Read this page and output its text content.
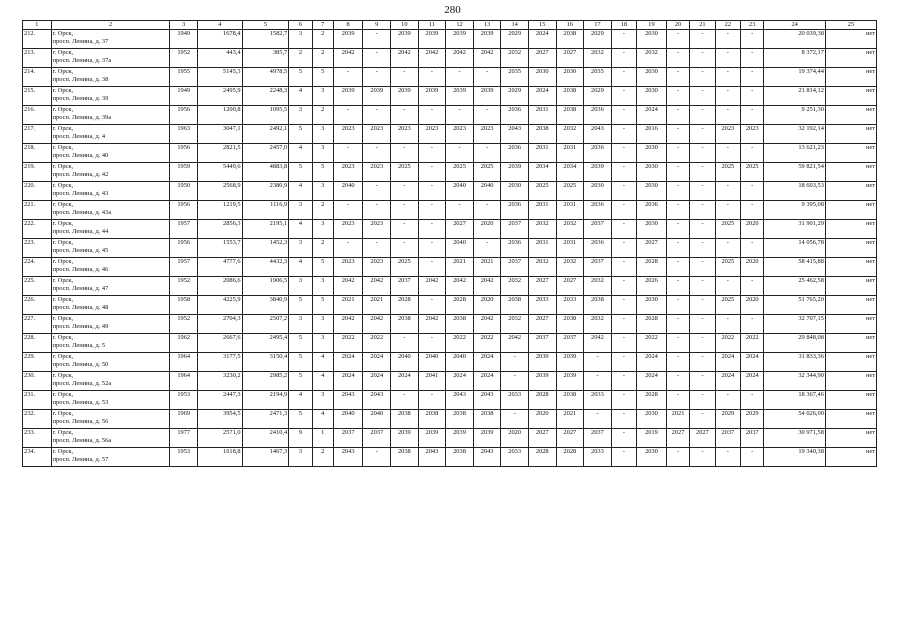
280
1	2	3	4	5	6	7	8	9	10	11	12	13	14	15	16	17	18	19	20	21	22	23	24	25
212.	г. Орск,
просп. Ленина, д. 37	1949	1678,4	1582,7	3	2	2039	-	2039	2039	2039	2039	2029	2024	2038	2029	-	2030	-	-	-	-	20 039,38	нет
213.	г. Орск,
просп. Ленина, д. 37а	1952	443,4	385,7	2	2	2042	-	2042	2042	2042	2042	2032	2027	2027	2032	-	2032	-	-	-	-	8 372,17	нет
214.	г. Орск,
просп. Ленина, д. 38	1955	5145,3	4978,5	5	5	-	-	-	-	-	-	2035	2030	2030	2035	-	2030	-	-	-	-	19 374,44	нет
215.	г. Орск,
просп. Ленина, д. 39	1949	2495,9	2248,3	4	3	2039	2039	2039	2039	2039	2039	2029	2024	2038	2029	-	2030	-	-	-	-	21 814,12	нет
216.	г. Орск,
просп. Ленина, д. 39а	1956	1200,8	1095,5	3	2	-	-	-	-	-	-	2036	2031	2038	2036	-	2024	-	-	-	-	9 251,30	нет
217.	г. Орск,
просп. Ленина, д. 4	1963	3047,1	2492,1	5	3	2023	2023	2023	2023	2023	2023	2043	2038	2032	2043	-	2016	-	-	2023	2023	32 192,14	нет
218.	г. Орск,
просп. Ленина, д. 40	1956	2821,5	2457,0	4	3	-	-	-	-	-	-	2036	2031	2031	2036	-	2030	-	-	-	-	13 621,23	нет
219.	г. Орск,
просп. Ленина, д. 42	1959	5449,6	4883,8	5	5	2023	2023	2025	-	2025	2025	2039	2034	2034	2039	-	2030	-	-	2025	2025	59 821,54	нет
220.	г. Орск,
просп. Ленина, д. 43	1950	2568,9	2380,9	4	3	2040	-	-	-	2040	2040	2030	2025	2025	2030	-	2030	-	-	-	-	18 603,53	нет
221.	г. Орск,
просп. Ленина, д. 43а	1956	1219,5	1116,9	3	2	-	-	-	-	-	-	2036	2031	2031	2036	-	2036	-	-	-	-	9 395,08	нет
222.	г. Орск,
просп. Ленина, д. 44	1957	2856,3	2195,1	4	3	2023	2023	-	-	2027	2020	2037	2032	2032	2037	-	2030	-	-	2025	2020	31 901,29	нет
223.	г. Орск,
просп. Ленина, д. 45	1956	1553,7	1452,3	3	2	-	-	-	-	2040	-	2036	2031	2031	2036	-	2027	-	-	-	-	14 056,78	нет
224.	г. Орск,
просп. Ленина, д. 46	1957	4777,6	4432,3	4	5	2023	2023	2025	-	2021	2021	2037	2032	2032	2037	-	2028	-	-	2025	2020	58 415,88	нет
225.	г. Орск,
просп. Ленина, д. 47	1952	2086,6	1906,5	3	3	2042	2042	2037	2042	2042	2042	2032	2027	2027	2032	-	2026	-	-	-	-	25 462,58	нет
226.	г. Орск,
просп. Ленина, д. 48	1958	4225,9	3840,9	5	5	2021	2021	2028	-	2028	2020	2038	2033	2033	2038	-	2030	-	-	2025	2020	51 765,20	нет
227.	г. Орск,
просп. Ленина, д. 49	1952	2704,3	2507,2	3	3	2042	2042	2038	2042	2038	2042	2032	2027	2038	2032	-	2028	-	-	-	-	32 707,15	нет
228.	г. Орск,
просп. Ленина, д. 5	1962	2667,6	2495,4	5	3	2022	2022	-	-	2022	2022	2042	2037	2037	2042	-	2022	-	-	2022	2022	29 848,08	нет
229.	г. Орск,
просп. Ленина, д. 50	1964	3177,5	3150,4	5	4	2024	2024	2040	2040	2040	2024	-	2039	2039	-	-	2024	-	-	2024	2024	31 833,36	нет
230.	г. Орск,
просп. Ленина, д. 52а	1964	3230,2	2985,2	5	4	2024	2024	2024	2041	2024	2024	-	2039	2039	-	-	2024	-	-	2024	2024	32 344,90	нет
231.	г. Орск,
просп. Ленина, д. 53	1953	2447,3	2194,9	4	3	2043	2043	-	-	2043	2043	2033	2028	2038	2033	-	2028	-	-	-	-	18 367,46	нет
232.	г. Орск,
просп. Ленина, д. 56	1969	3954,5	2471,3	5	4	2040	2040	2038	2038	2038	2038	-	2020	2021	-	-	2030	2021	-	2029	2029	54 026,00	нет
233.	г. Орск,
просп. Ленина, д. 56а	1977	2571,0	2410,4	9	1	2037	2037	2039	2039	2039	2039	2020	2027	2027	2037	-	2019	2027	2027	2037	2037	30 971,58	нет
234.	г. Орск,
просп. Ленина, д. 57	1953	1618,8	1467,3	3	2	2043	-	2038	2043	2038	2043	2033	2028	2028	2033	-	2030	-	-	-	-	19 340,38	нет
